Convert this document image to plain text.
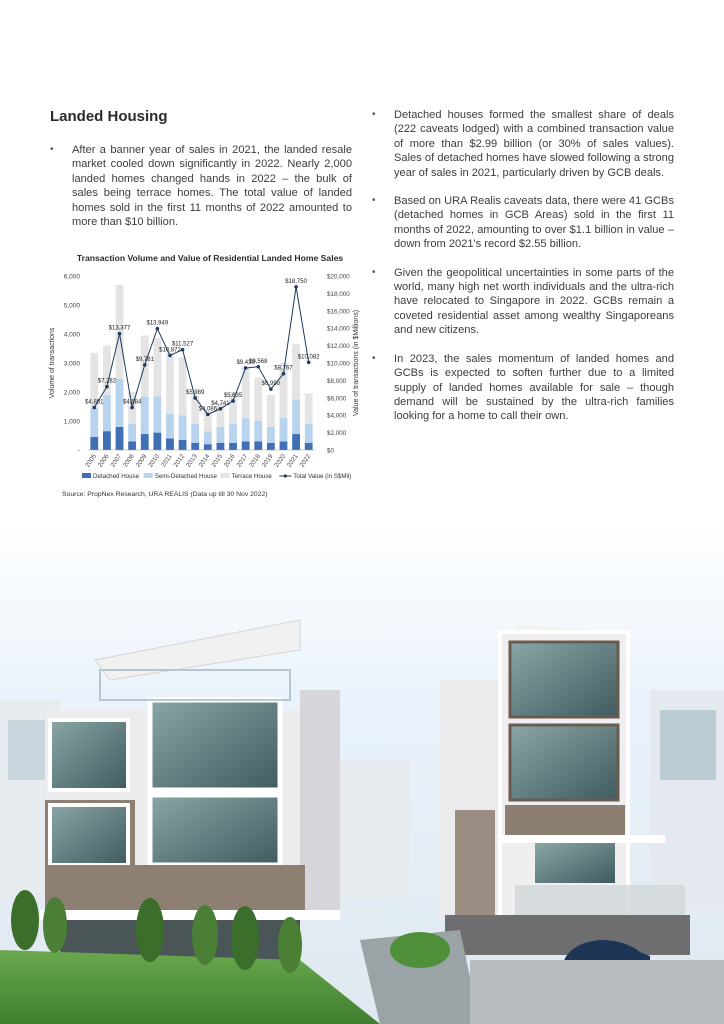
Landed Housing
• After a banner year of sales in 2021, the landed resale market cooled down significantly in 2022. Nearly 2,000 landed homes changed hands in 2022 – the bulk of sales being terrace homes. The total value of landed homes sold in the first 11 months of 2022 amounted to more than $10 billion.
• Detached houses formed the smallest share of deals (222 caveats lodged) with a combined transaction value of more than $2.99 billion (or 30% of sales values). Sales of detached homes have slowed following a strong year of sales in 2021, particularly driven by GCB deals.
• Based on URA Realis caveats data, there were 41 GCBs (detached homes in GCB Areas) sold in the first 11 months of 2022, amounting to over $1.1 billion in value – down from 2021's record $2.55 billion.
• Given the geopolitical uncertainties in some parts of the world, many high net worth individuals and the ultra-rich have relocated to Singapore in 2022. GCBs remain a coveted residential asset among wealthy Singaporeans and new citizens.
• In 2023, the sales momentum of landed homes and GCBs is expected to soften further due to a limited supply of landed homes available for sale – though demand will be sustained by the ultra-rich families looking for a home to call their own.
Transaction Volume and Value of Residential Landed Home Sales
6,000
5,000
4,000
3,000
2,000
1,000
-
$20,000
$18,000
$16,000
$14,000
$12,000
$10,000
$8,000
$6,000
$4,000
$2,000
$0
Volume of transactions	Value of transactions (in $Millions)
2005
2006
2007
2008
2009
2010 2011
2012
2013
2014
2015
2016
2017
2018
2019
2020
2021
2022
$4,881
$7,282
$13,377
$4,884
$9,781
$13,949
$10,872
$11,527
$5,989
$4,086
$4,741
$5,635
$9,430
$9,568
$6,998
$8,767
$18,750
$10,082
Detached House	Semi-Detached House Terrace House	Total Value (in S$Mil)
Source: PropNex Research, URA REALIS (Data up till 30 Nov 2022)
